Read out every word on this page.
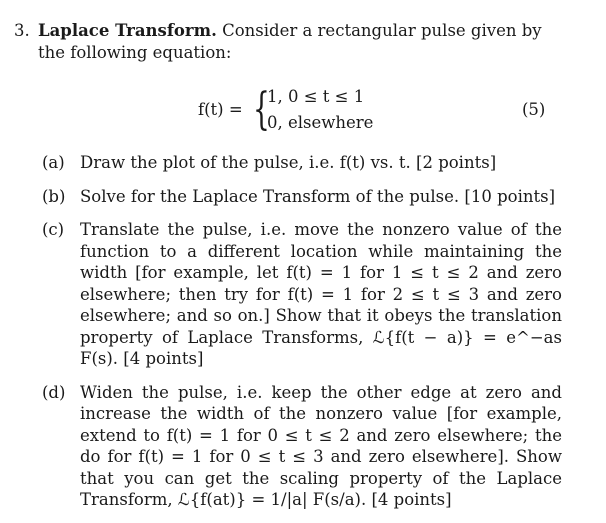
3. Laplace Transform. Consider a rectangular pulse given by the following equation:
f(t) = {
1, 0 ≤ t ≤ 1
0, elsewhere
(5)
(a) Draw the plot of the pulse, i.e. f(t) vs. t. [2 points]
(b) Solve for the Laplace Transform of the pulse. [10 points]
(c) Translate the pulse, i.e. move the nonzero value of the function to a different location while maintaining the width [for example, let f(t) = 1 for 1 ≤ t ≤ 2 and zero elsewhere; then try for f(t) = 1 for 2 ≤ t ≤ 3 and zero elsewhere; and so on.] Show that it obeys the translation property of Laplace Transforms, ℒ{f(t − a)} = e^−as F(s). [4 points]
(d) Widen the pulse, i.e. keep the other edge at zero and increase the width of the nonzero value [for example, extend to f(t) = 1 for 0 ≤ t ≤ 2 and zero elsewhere; the do for f(t) = 1 for 0 ≤ t ≤ 3 and zero elsewhere]. Show that you can get the scaling property of the Laplace Transform, ℒ{f(at)} = 1/|a| F(s/a). [4 points]
